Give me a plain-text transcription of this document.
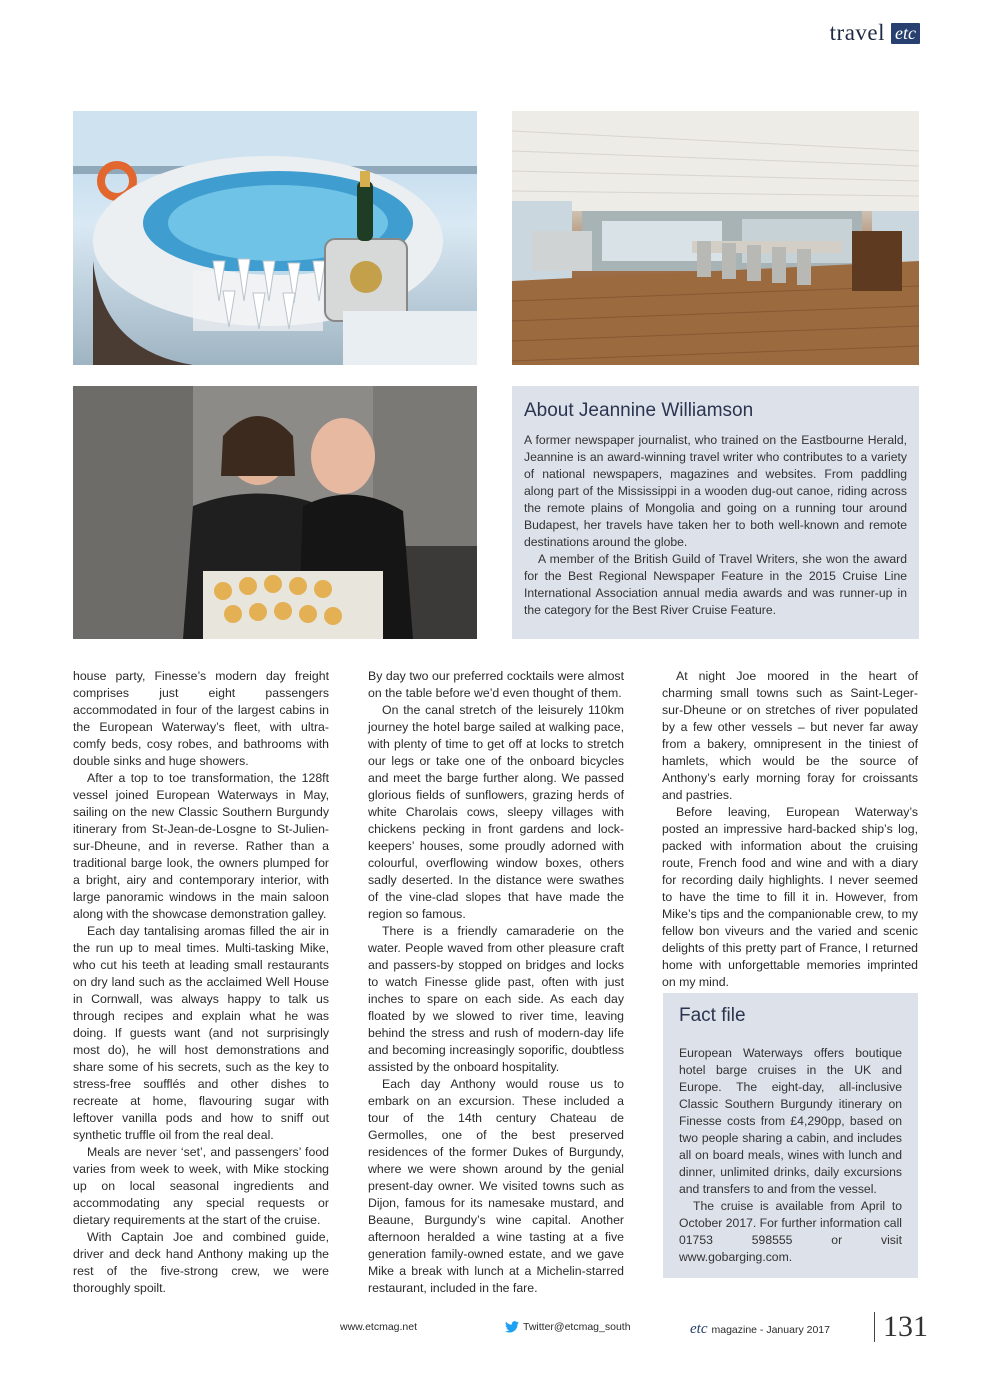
travel etc
About Jeannine Williamson

A former newspaper journalist, who trained on the Eastbourne Herald, Jeannine is an award-winning travel writer who contributes to a variety of national newspapers, magazines and websites. From paddling along part of the Mississippi in a wooden dug-out canoe, riding across the remote plains of Mongolia and going on a running tour around Budapest, her travels have taken her to both well-known and remote destinations around the globe.

A member of the British Guild of Travel Writers, she won the award for the Best Regional Newspaper Feature in the 2015 Cruise Line International Association annual media awards and was runner-up in the category for the Best River Cruise Feature.

house party, Finesse’s modern day freight comprises just eight passengers accommodated in four of the largest cabins in the European Waterway’s fleet, with ultra-comfy beds, cosy robes, and bathrooms with double sinks and huge showers.

After a top to toe transformation, the 128ft vessel joined European Waterways in May, sailing on the new Classic Southern Burgundy itinerary from St-Jean-de-Losgne to St-Julien-sur-Dheune, and in reverse. Rather than a traditional barge look, the owners plumped for a bright, airy and contemporary interior, with large panoramic windows in the main saloon along with the showcase demonstration galley.

Each day tantalising aromas filled the air in the run up to meal times. Multi-tasking Mike, who cut his teeth at leading small restaurants on dry land such as the acclaimed Well House in Cornwall, was always happy to talk us through recipes and explain what he was doing. If guests want (and not surprisingly most do), he will host demonstrations and share some of his secrets, such as the key to stress-free soufflés and other dishes to recreate at home, flavouring sugar with leftover vanilla pods and how to sniff out synthetic truffle oil from the real deal.

Meals are never ‘set’, and passengers’ food varies from week to week, with Mike stocking up on local seasonal ingredients and accommodating any special requests or dietary requirements at the start of the cruise.

With Captain Joe and combined guide, driver and deck hand Anthony making up the rest of the five-strong crew, we were thoroughly spoilt.

By day two our preferred cocktails were almost on the table before we’d even thought of them.

On the canal stretch of the leisurely 110km journey the hotel barge sailed at walking pace, with plenty of time to get off at locks to stretch our legs or take one of the onboard bicycles and meet the barge further along. We passed glorious fields of sunflowers, grazing herds of white Charolais cows, sleepy villages with chickens pecking in front gardens and lock-keepers’ houses, some proudly adorned with colourful, overflowing window boxes, others sadly deserted. In the distance were swathes of the vine-clad slopes that have made the region so famous.

There is a friendly camaraderie on the water. People waved from other pleasure craft and passers-by stopped on bridges and locks to watch Finesse glide past, often with just inches to spare on each side. As each day floated by we slowed to river time, leaving behind the stress and rush of modern-day life and becoming increasingly soporific, doubtless assisted by the onboard hospitality.

Each day Anthony would rouse us to embark on an excursion. These included a tour of the 14th century Chateau de Germolles, one of the best preserved residences of the former Dukes of Burgundy, where we were shown around by the genial present-day owner. We visited towns such as Dijon, famous for its namesake mustard, and Beaune, Burgundy’s wine capital. Another afternoon heralded a wine tasting at a five generation family-owned estate, and we gave Mike a break with lunch at a Michelin-starred restaurant, included in the fare.

At night Joe moored in the heart of charming small towns such as Saint-Leger-sur-Dheune or on stretches of river populated by a few other vessels – but never far away from a bakery, omnipresent in the tiniest of hamlets, which would be the source of Anthony’s early morning foray for croissants and pastries.

Before leaving, European Waterway’s posted an impressive hard-backed ship’s log, packed with information about the cruising route, French food and wine and with a diary for recording daily highlights. I never seemed to have the time to fill it in. However, from Mike’s tips and the companionable crew, to my fellow bon viveurs and the varied and scenic delights of this pretty part of France, I returned home with unforgettable memories imprinted on my mind.

Fact file

European Waterways offers boutique hotel barge cruises in the UK and Europe. The eight-day, all-inclusive Classic Southern Burgundy itinerary on Finesse costs from £4,290pp, based on two people sharing a cabin, and includes all on board meals, wines with lunch and dinner, unlimited drinks, daily excursions and transfers to and from the vessel.

The cruise is available from April to October 2017. For further information call 01753 598555 or visit www.gobarging.com.

www.etcmag.net	Twitter@etcmag_south	etc magazine - January 2017	131
